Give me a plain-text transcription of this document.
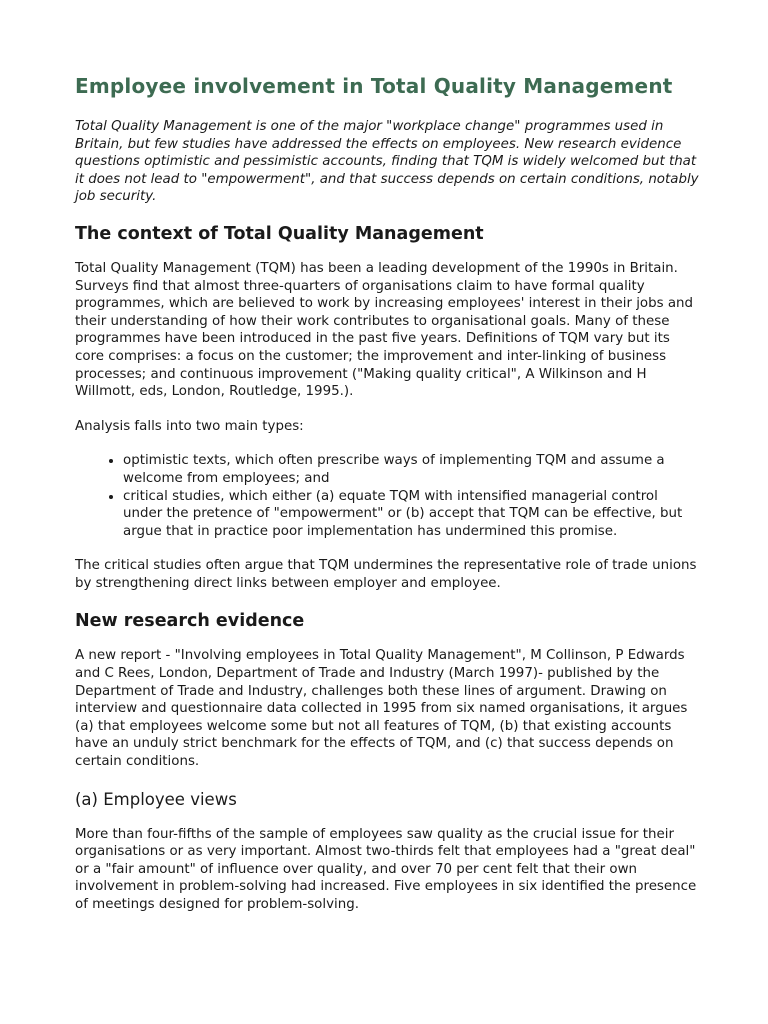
Employee involvement in Total Quality Management

Total Quality Management is one of the major "workplace change" programmes used in Britain, but few studies have addressed the effects on employees. New research evidence questions optimistic and pessimistic accounts, finding that TQM is widely welcomed but that it does not lead to "empowerment", and that success depends on certain conditions, notably job security.

The context of Total Quality Management

Total Quality Management (TQM) has been a leading development of the 1990s in Britain. Surveys find that almost three-quarters of organisations claim to have formal quality programmes, which are believed to work by increasing employees' interest in their jobs and their understanding of how their work contributes to organisational goals. Many of these programmes have been introduced in the past five years. Definitions of TQM vary but its core comprises: a focus on the customer; the improvement and inter-linking of business processes; and continuous improvement ("Making quality critical", A Wilkinson and H Willmott, eds, London, Routledge, 1995.).

Analysis falls into two main types:

• optimistic texts, which often prescribe ways of implementing TQM and assume a welcome from employees; and
• critical studies, which either (a) equate TQM with intensified managerial control under the pretence of "empowerment" or (b) accept that TQM can be effective, but argue that in practice poor implementation has undermined this promise.

The critical studies often argue that TQM undermines the representative role of trade unions by strengthening direct links between employer and employee.

New research evidence

A new report - "Involving employees in Total Quality Management", M Collinson, P Edwards and C Rees, London, Department of Trade and Industry (March 1997)- published by the Department of Trade and Industry, challenges both these lines of argument. Drawing on interview and questionnaire data collected in 1995 from six named organisations, it argues (a) that employees welcome some but not all features of TQM, (b) that existing accounts have an unduly strict benchmark for the effects of TQM, and (c) that success depends on certain conditions.

(a) Employee views

More than four-fifths of the sample of employees saw quality as the crucial issue for their organisations or as very important. Almost two-thirds felt that employees had a "great deal" or a "fair amount" of influence over quality, and over 70 per cent felt that their own involvement in problem-solving had increased. Five employees in six identified the presence of meetings designed for problem-solving.
